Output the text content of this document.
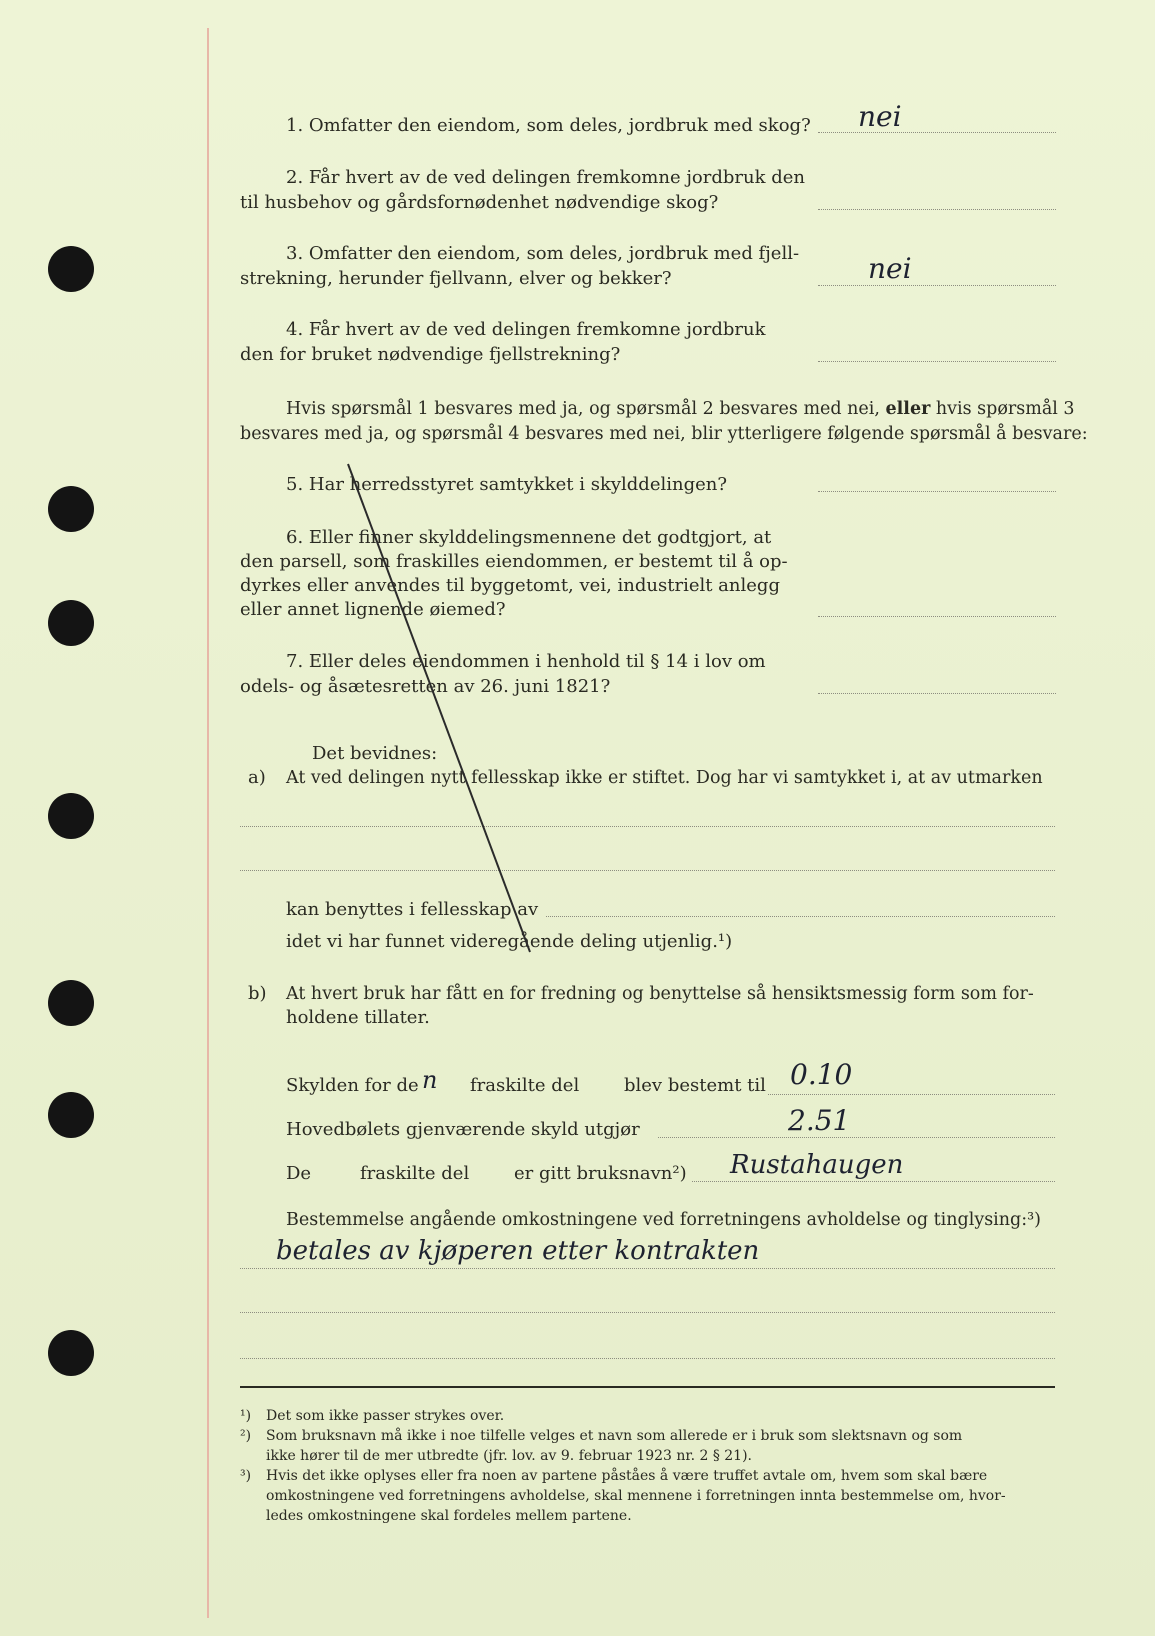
1. Omfatter den eiendom, som deles, jordbruk med skog? nei
2. Får hvert av de ved delingen fremkomne jordbruk den
til husbehov og gårdsfornødenhet nødvendige skog?
3. Omfatter den eiendom, som deles, jordbruk med fjell-
strekning, herunder fjellvann, elver og bekker?	nei
4. Får hvert av de ved delingen fremkomne jordbruk
den for bruket nødvendige fjellstrekning?
Hvis spørsmål 1 besvares med ja, og spørsmål 2 besvares med nei, eller hvis spørsmål 3
besvares med ja, og spørsmål 4 besvares med nei, blir ytterligere følgende spørsmål å besvare:
5. Har herredsstyret samtykket i skylddelingen?
6. Eller finner skylddelingsmennene det godtgjort, at
den parsell, som fraskilles eiendommen, er bestemt til å op-
dyrkes eller anvendes til byggetomt, vei, industrielt anlegg
eller annet lignende øiemed?
7. Eller deles eiendommen i henhold til § 14 i lov om
odels- og åsætesretten av 26. juni 1821?
Det bevidnes:
a) At ved delingen nytt fellesskap ikke er stiftet. Dog har vi samtykket i, at av utmarken
kan benyttes i fellesskap av
idet vi har funnet videregående deling utjenlig.¹)
b) At hvert bruk har fått en for fredning og benyttelse så hensiktsmessig form som for-
holdene tillater.
Skylden for de n fraskilte del blev bestemt til 0.10
Hovedbølets gjenværende skyld utgjør	2.51
De	fraskilte del er gitt bruksnavn²) Rustahaugen
Bestemmelse angående omkostningene ved forretningens avholdelse og tinglysing:³)
betales av kjøperen etter kontrakten
¹) Det som ikke passer strykes over.
²) Som bruksnavn må ikke i noe tilfelle velges et navn som allerede er i bruk som slektsnavn og som
ikke hører til de mer utbredte (jfr. lov. av 9. februar 1923 nr. 2 § 21).
³) Hvis det ikke oplyses eller fra noen av partene påståes å være truffet avtale om, hvem som skal bære
omkostningene ved forretningens avholdelse, skal mennene i forretningen innta bestemmelse om, hvor-
ledes omkostningene skal fordeles mellem partene.
